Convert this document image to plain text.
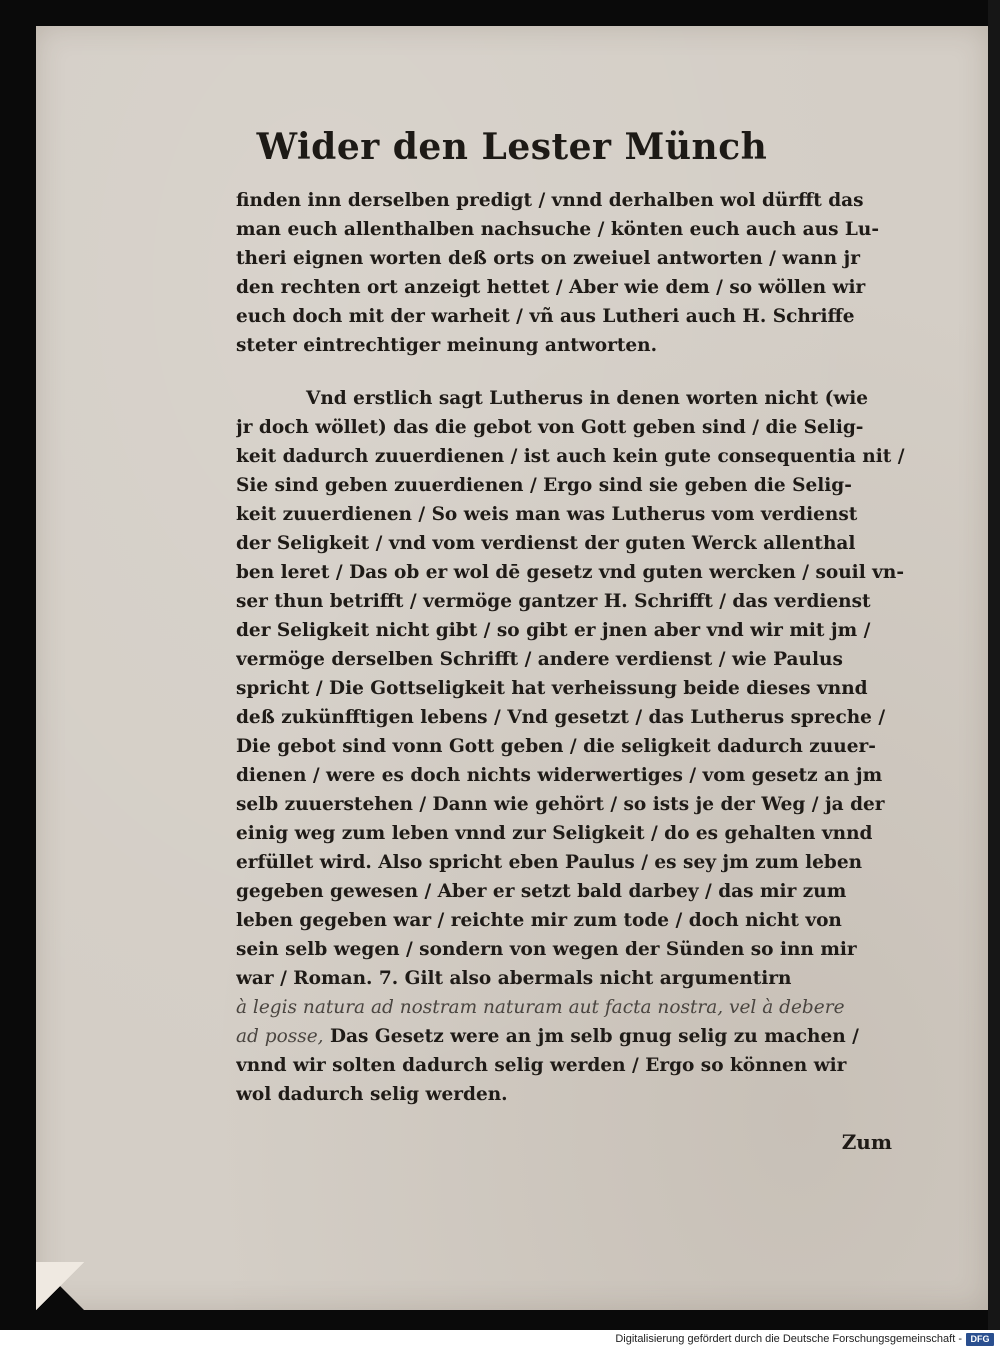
Wider den Lester Münch
finden inn derselben predigt / vnnd derhalben wol dürfft das
man euch allenthalben nachsuche / könten euch auch aus Lu-
theri eignen worten deß orts on zweiuel antworten / wann jr
den rechten ort anzeigt hettet / Aber wie dem / so wöllen wir
euch doch mit der warheit / vñ aus Lutheri auch H. Schriffe
steter eintrechtiger meinung antworten.
Vnd erstlich sagt Lutherus in denen worten nicht (wie
jr doch wöllet) das die gebot von Gott geben sind / die Selig-
keit dadurch zuuerdienen / ist auch kein gute consequentia nit /
Sie sind geben zuuerdienen / Ergo sind sie geben die Selig-
keit zuuerdienen / So weis man was Lutherus vom verdienst
der Seligkeit / vnd vom verdienst der guten Werck allenthal
ben leret / Das ob er wol dē gesetz vnd guten wercken / souil vn-
ser thun betrifft / vermöge gantzer H. Schrifft / das verdienst
der Seligkeit nicht gibt / so gibt er jnen aber vnd wir mit jm /
vermöge derselben Schrifft / andere verdienst / wie Paulus
spricht / Die Gottseligkeit hat verheissung beide dieses vnnd
deß zukünfftigen lebens / Vnd gesetzt / das Lutherus spreche /
Die gebot sind vonn Gott geben / die seligkeit dadurch zuuer-
dienen / were es doch nichts widerwertiges / vom gesetz an jm
selb zuuerstehen / Dann wie gehört / so ists je der Weg / ja der
einig weg zum leben vnnd zur Seligkeit / do es gehalten vnnd
erfüllet wird. Also spricht eben Paulus / es sey jm zum leben
gegeben gewesen / Aber er setzt bald darbey / das mir zum
leben gegeben war / reichte mir zum tode / doch nicht von
sein selb wegen / sondern von wegen der Sünden so inn mir
war / Roman. 7. Gilt also abermals nicht argumentirn
à legis natura ad nostram naturam aut facta nostra, vel à debere
ad posse, Das Gesetz were an jm selb gnug selig zu machen /
vnnd wir solten dadurch selig werden / Ergo so können wir
wol dadurch selig werden.
Zum
Digitalisierung gefördert durch die Deutsche Forschungsgemeinschaft - DFG
